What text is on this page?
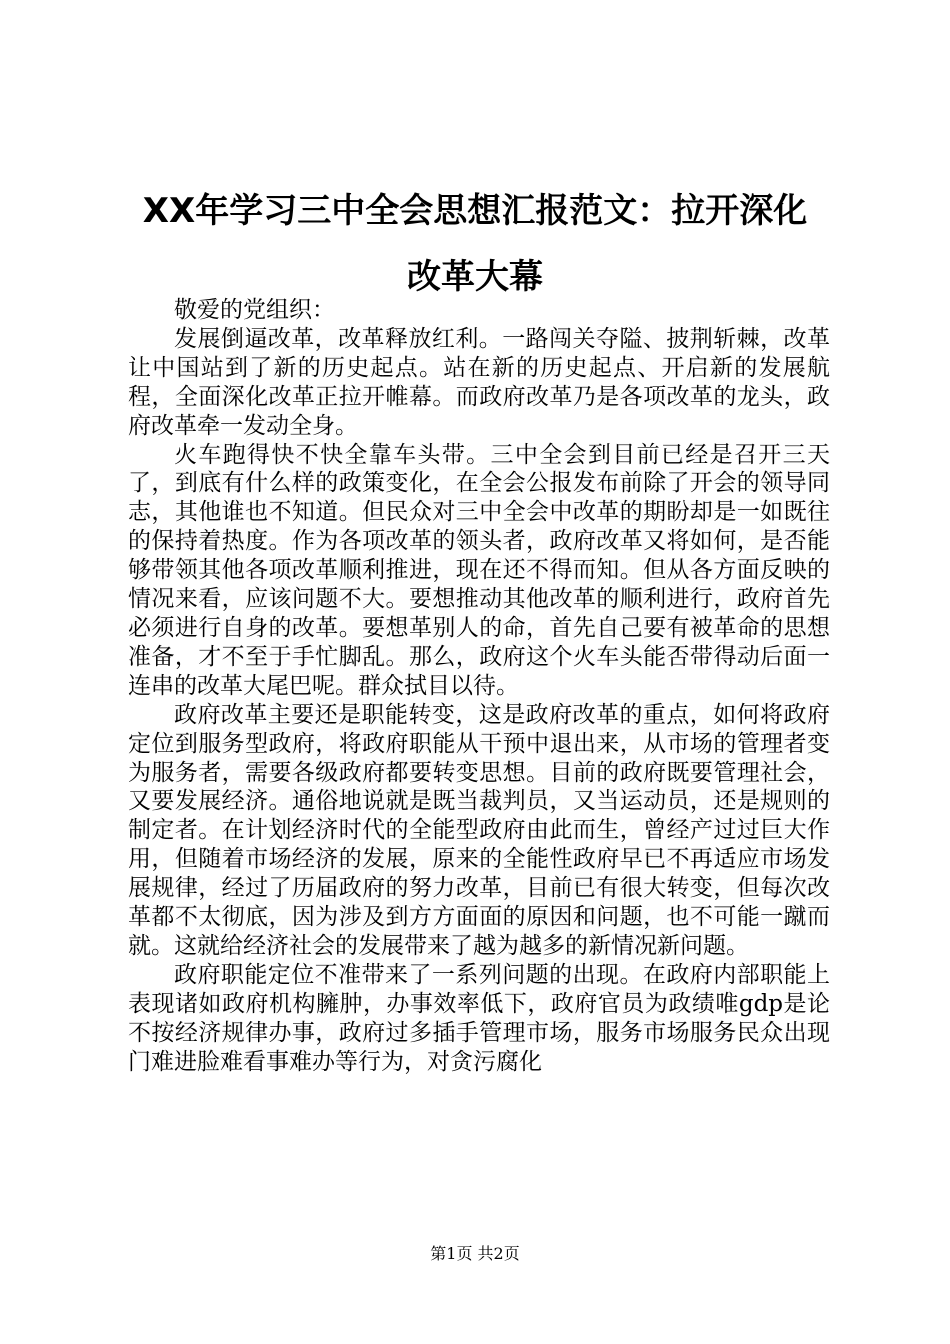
XX年学习三中全会思想汇报范文：拉开深化
改革大幕

敬爱的党组织：

发展倒逼改革，改革释放红利。一路闯关夺隘、披荆斩棘，改革让中国站到了新的历史起点。站在新的历史起点、开启新的发展航程，全面深化改革正拉开帷幕。而政府改革乃是各项改革的龙头，政府改革牵一发动全身。

火车跑得快不快全靠车头带。三中全会到目前已经是召开三天了，到底有什么样的政策变化，在全会公报发布前除了开会的领导同志，其他谁也不知道。但民众对三中全会中改革的期盼却是一如既往的保持着热度。作为各项改革的领头者，政府改革又将如何，是否能够带领其他各项改革顺利推进，现在还不得而知。但从各方面反映的情况来看，应该问题不大。要想推动其他改革的顺利进行，政府首先必须进行自身的改革。要想革别人的命，首先自己要有被革命的思想准备，才不至于手忙脚乱。那么，政府这个火车头能否带得动后面一连串的改革大尾巴呢。群众拭目以待。

政府改革主要还是职能转变，这是政府改革的重点，如何将政府定位到服务型政府，将政府职能从干预中退出来，从市场的管理者变为服务者，需要各级政府都要转变思想。目前的政府既要管理社会，又要发展经济。通俗地说就是既当裁判员，又当运动员，还是规则的制定者。在计划经济时代的全能型政府由此而生，曾经产过过巨大作用，但随着市场经济的发展，原来的全能性政府早已不再适应市场发展规律，经过了历届政府的努力改革，目前已有很大转变，但每次改革都不太彻底，因为涉及到方方面面的原因和问题，也不可能一蹴而就。这就给经济社会的发展带来了越为越多的新情况新问题。

政府职能定位不准带来了一系列问题的出现。在政府内部职能上表现诸如政府机构臃肿，办事效率低下，政府官员为政绩唯gdp是论不按经济规律办事，政府过多插手管理市场，服务市场服务民众出现门难进脸难看事难办等行为，对贪污腐化

第1页 共2页
